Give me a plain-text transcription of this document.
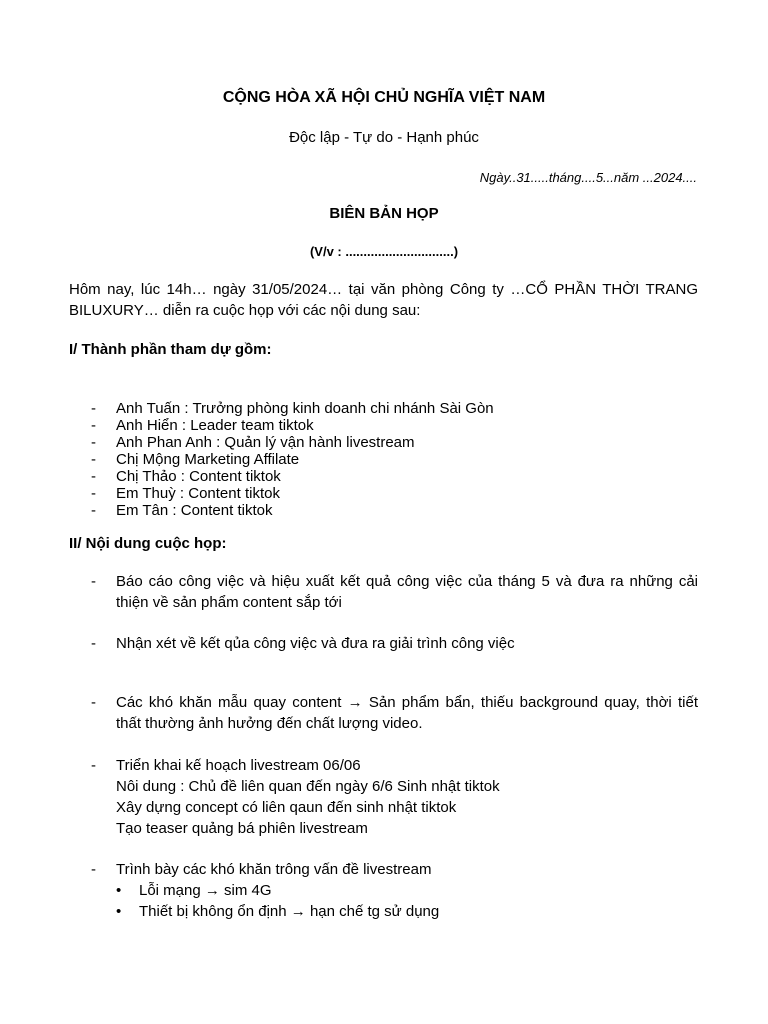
CỘNG HÒA XÃ HỘI CHỦ NGHĨA VIỆT NAM
Độc lập - Tự do - Hạnh phúc
Ngày..31.....tháng....5...năm ...2024....
BIÊN BẢN HỌP
(V/v : ..............................)
Hôm nay, lúc 14h… ngày 31/05/2024… tại văn phòng Công ty …CỔ PHẦN THỜI TRANG BILUXURY… diễn ra cuộc họp với các nội dung sau:
I/ Thành phần tham dự gồm:
- Anh Tuấn : Trưởng phòng kinh doanh chi nhánh Sài Gòn
- Anh Hiển : Leader team tiktok
- Anh Phan Anh : Quản lý vận hành livestream
- Chị Mộng Marketing Affilate
- Chị Thảo : Content tiktok
- Em Thuỳ : Content tiktok
- Em Tân : Content tiktok
II/ Nội dung cuộc họp:
- Báo cáo công việc và hiệu xuất kết quả công việc của tháng 5 và đưa ra những cải thiện về sản phẩm content sắp tới
- Nhận xét về kết qủa công việc và đưa ra giải trình công việc
- Các khó khăn mẫu quay content → Sản phẩm bẩn, thiếu background quay, thời tiết thất thường ảnh hưởng đến chất lượng video.
- Triển khai kế hoạch livestream 06/06
Nôi dung : Chủ đề liên quan đến ngày 6/6 Sinh nhật tiktok
Xây dựng concept có liên qaun đến sinh nhật tiktok
Tạo teaser quảng bá phiên livestream
- Trình bày các khó khăn trông vấn đề livestream
• Lỗi mạng → sim 4G
• Thiết bị không ổn định → hạn chế tg sử dụng
